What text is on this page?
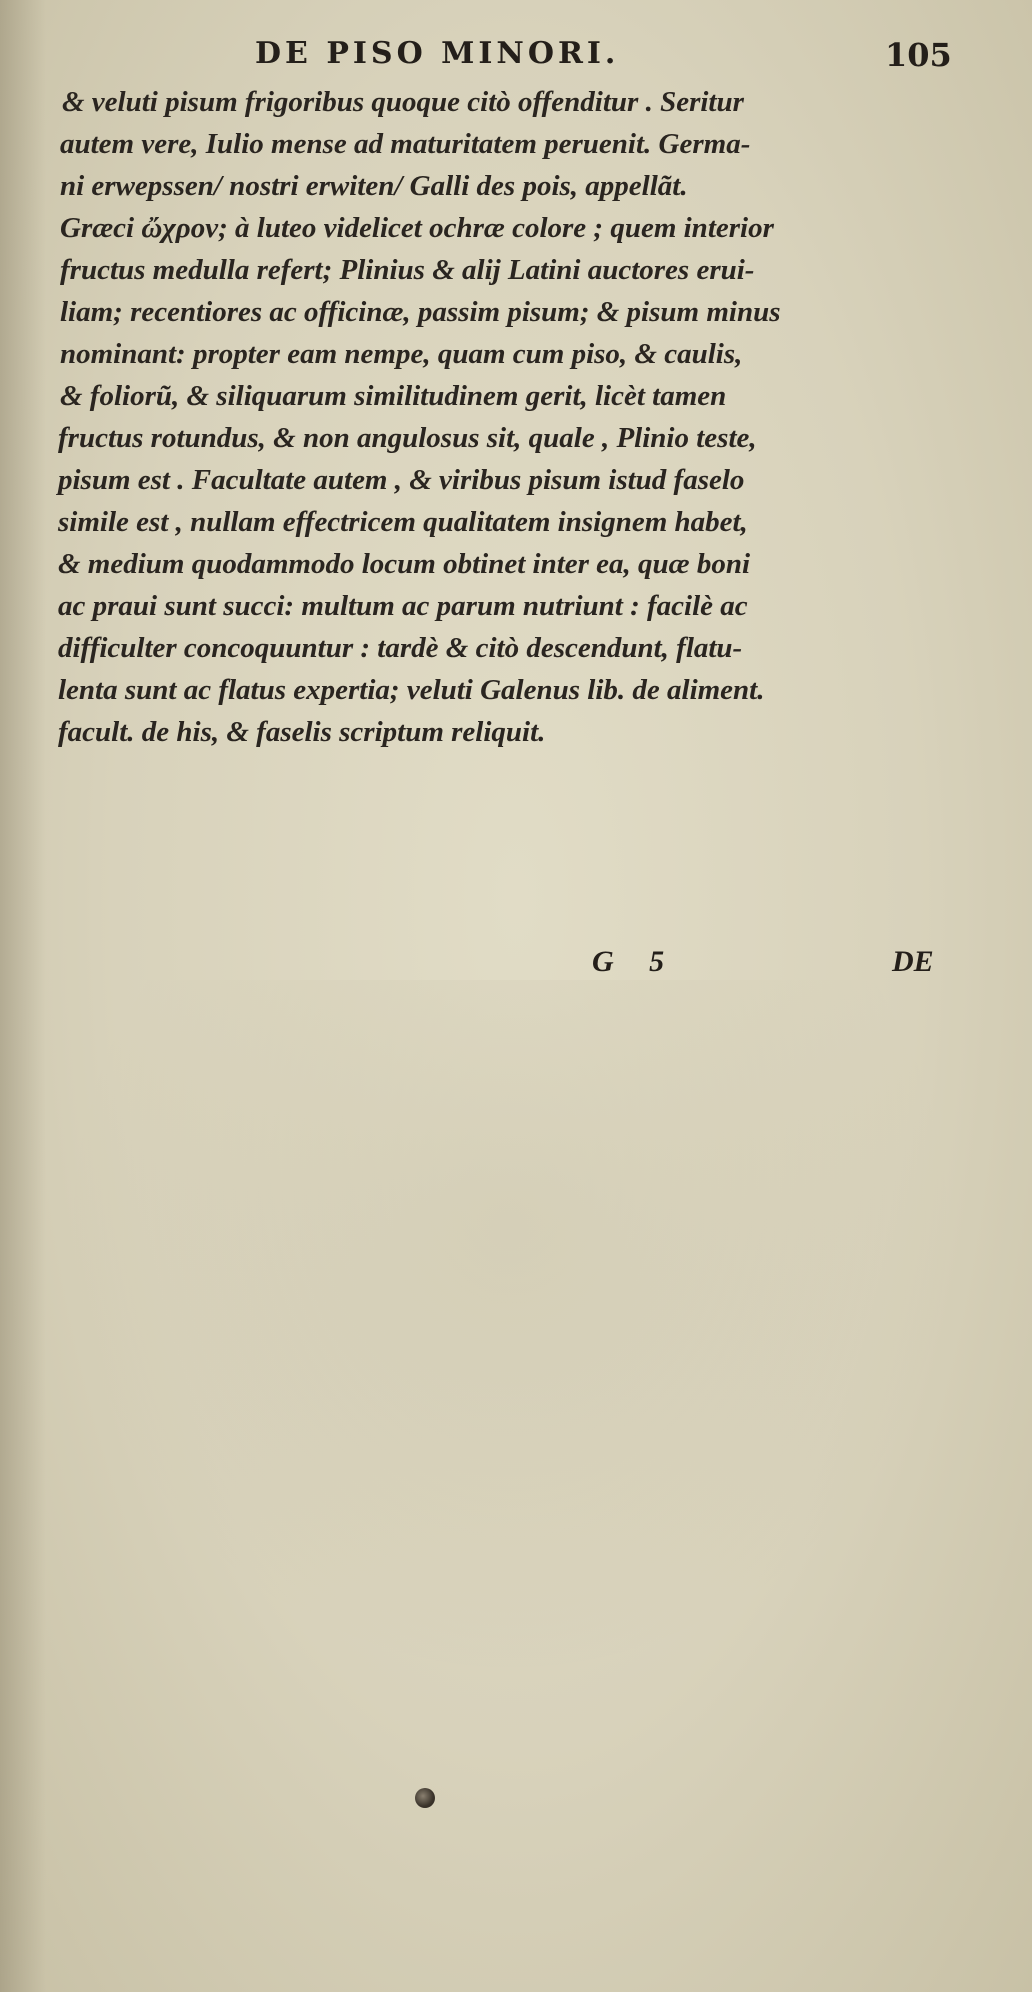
DE PISO MINORI.	105
& veluti pisum frigoribus quoque citò offenditur . Seritur
autem vere, Iulio mense ad maturitatem peruenit. Germa-
ni erwepssen/ nostri erwiten/ Galli des pois, appellãt.
Græci ὤχρον; à luteo videlicet ochræ colore ; quem interior
fructus medulla refert; Plinius & alij Latini auctores erui-
liam; recentiores ac officinæ, passim pisum; & pisum minus
nominant: propter eam nempe, quam cum piso, & caulis,
& foliorũ, & siliquarum similitudinem gerit, licèt tamen
fructus rotundus, & non angulosus sit, quale , Plinio teste,
pisum est . Facultate autem , & viribus pisum istud faselo
simile est , nullam effectricem qualitatem insignem habet,
& medium quodammodo locum obtinet inter ea, quæ boni
ac praui sunt succi: multum ac parum nutriunt : facilè ac
difficulter concoquuntur : tardè & citò descendunt, flatu-
lenta sunt ac flatus expertia; veluti Galenus lib. de aliment.
facult. de his, & faselis scriptum reliquit.
G 5	DE
